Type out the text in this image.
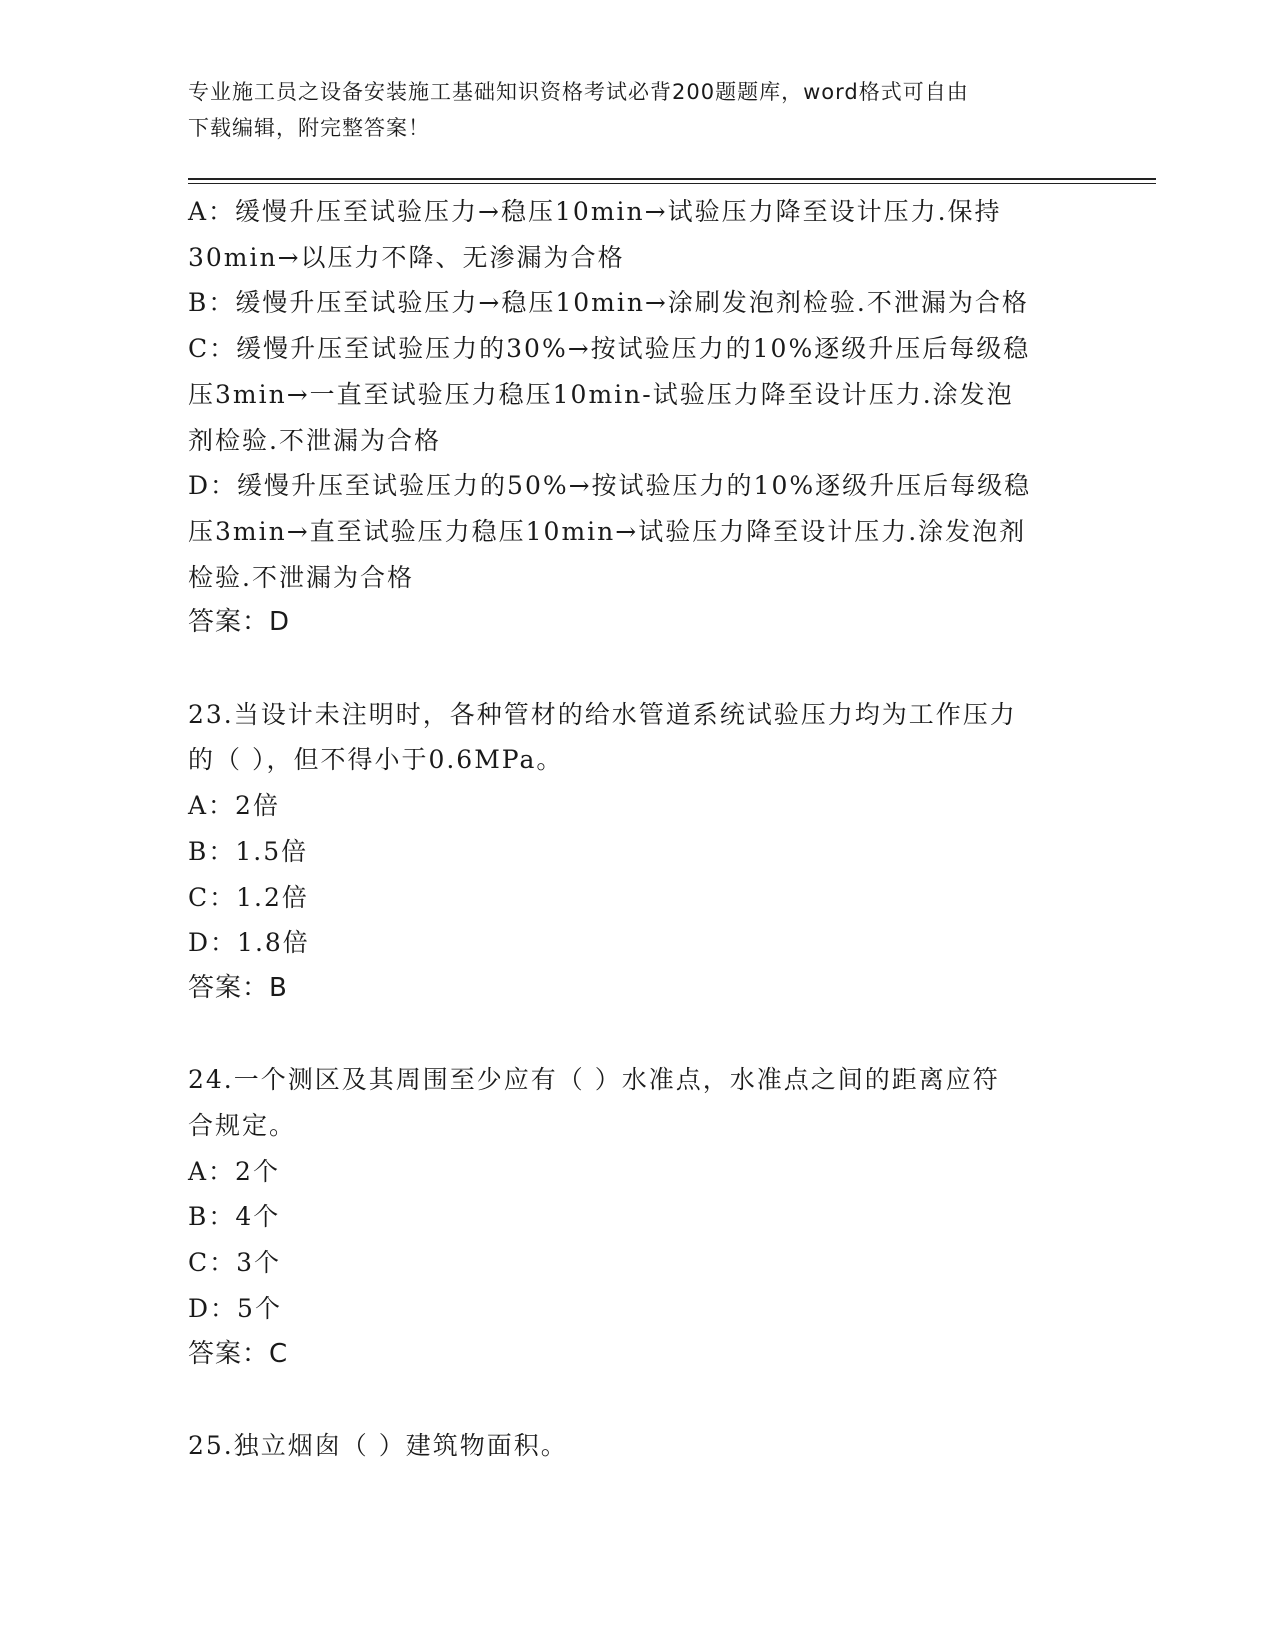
专业施工员之设备安装施工基础知识资格考试必背200题题库，word格式可自由
下载编辑，附完整答案！
A：缓慢升压至试验压力→稳压10min→试验压力降至设计压力.保持
30min→以压力不降、无渗漏为合格
B：缓慢升压至试验压力→稳压10min→涂刷发泡剂检验.不泄漏为合格
C：缓慢升压至试验压力的30%→按试验压力的10%逐级升压后每级稳
压3min→一直至试验压力稳压10min-试验压力降至设计压力.涂发泡
剂检验.不泄漏为合格
D：缓慢升压至试验压力的50%→按试验压力的10%逐级升压后每级稳
压3min→直至试验压力稳压10min→试验压力降至设计压力.涂发泡剂
检验.不泄漏为合格
答案：D
23.当设计未注明时，各种管材的给水管道系统试验压力均为工作压力
的（ ），但不得小于0.6MPa。
A：2倍
B：1.5倍
C：1.2倍
D：1.8倍
答案：B
24.一个测区及其周围至少应有（ ）水准点，水准点之间的距离应符
合规定。
A：2个
B：4个
C：3个
D：5个
答案：C
25.独立烟囱（ ）建筑物面积。
